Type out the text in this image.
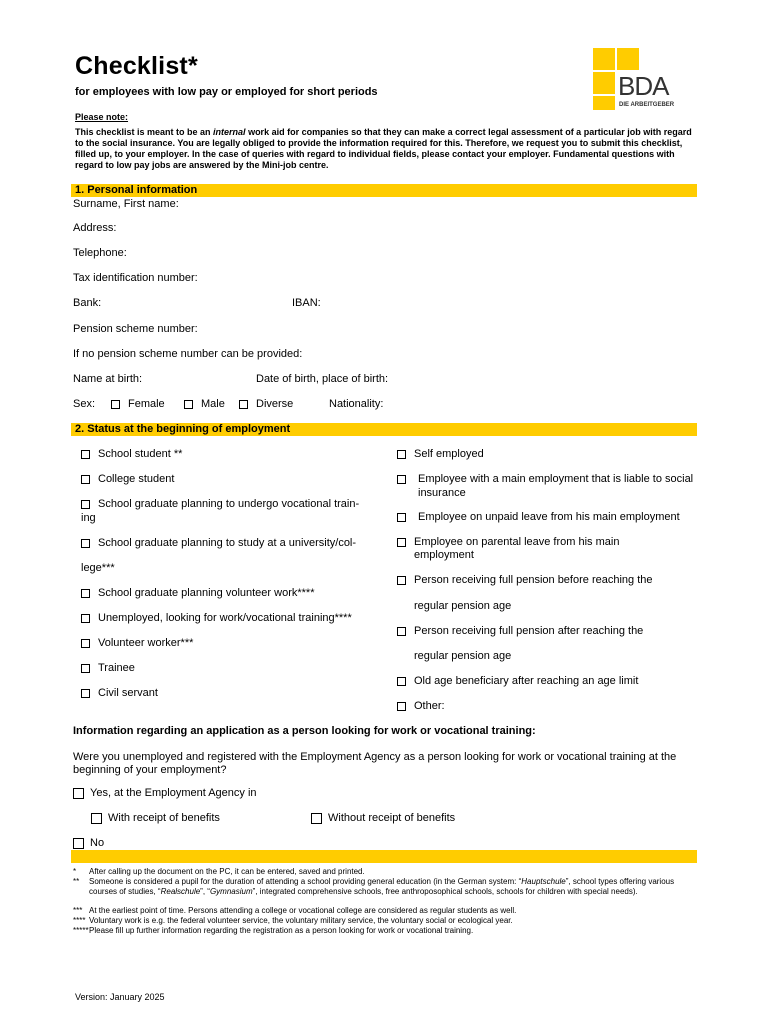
Checklist*
for employees with low pay or employed for short periods	BDA
DIE ARBEITGEBER
Please note:
This checklist is meant to be an internal work aid for companies so that they can make a correct legal assessment of a particular job with regard to the social insurance. You are legally obliged to provide the information required for this. Therefore, we request you to submit this checklist, filled up, to your employer. In the case of queries with regard to individual fields, please contact your employer. Fundamental questions with regard to low pay jobs are answered by the Mini-job centre.
1. Personal information
Surname, First name:
Address:
Telephone:
Tax identification number:
Bank:	IBAN:
Pension scheme number:
If no pension scheme number can be provided:
Name at birth:	Date of birth, place of birth:
Sex:	Female	Male	Diverse	Nationality:
2. Status at the beginning of employment
School student **
College student
School graduate planning to undergo vocational train-
ing
School graduate planning to study at a university/col-
lege***
School graduate planning volunteer work****
Unemployed, looking for work/vocational training****
Volunteer worker***
Trainee
Civil servant
Self employed
Employee with a main employment that is liable to social
insurance
Employee on unpaid leave from his main employment
Employee on parental leave from his main
employment
Person receiving full pension before reaching the
regular pension age
Person receiving full pension after reaching the
regular pension age
Old age beneficiary after reaching an age limit
Other:
Information regarding an application as a person looking for work or vocational training:
Were you unemployed and registered with the Employment Agency as a person looking for work or vocational training at the beginning of your employment?
Yes, at the Employment Agency in
With receipt of benefits	Without receipt of benefits
No
* After calling up the document on the PC, it can be entered, saved and printed.
** Someone is considered a pupil for the duration of attending a school providing general education (in the German system: “Hauptschule”, school types offering various courses of studies, “Realschule”, “Gymnasium”, integrated comprehensive schools, free anthroposophical schools, schools for children with special needs).
*** At the earliest point of time. Persons attending a college or vocational college are considered as regular students as well.
**** Voluntary work is e.g. the federal volunteer service, the voluntary military service, the voluntary social or ecological year.
***** Please fill up further information regarding the registration as a person looking for work or vocational training.
Version: January 2025
